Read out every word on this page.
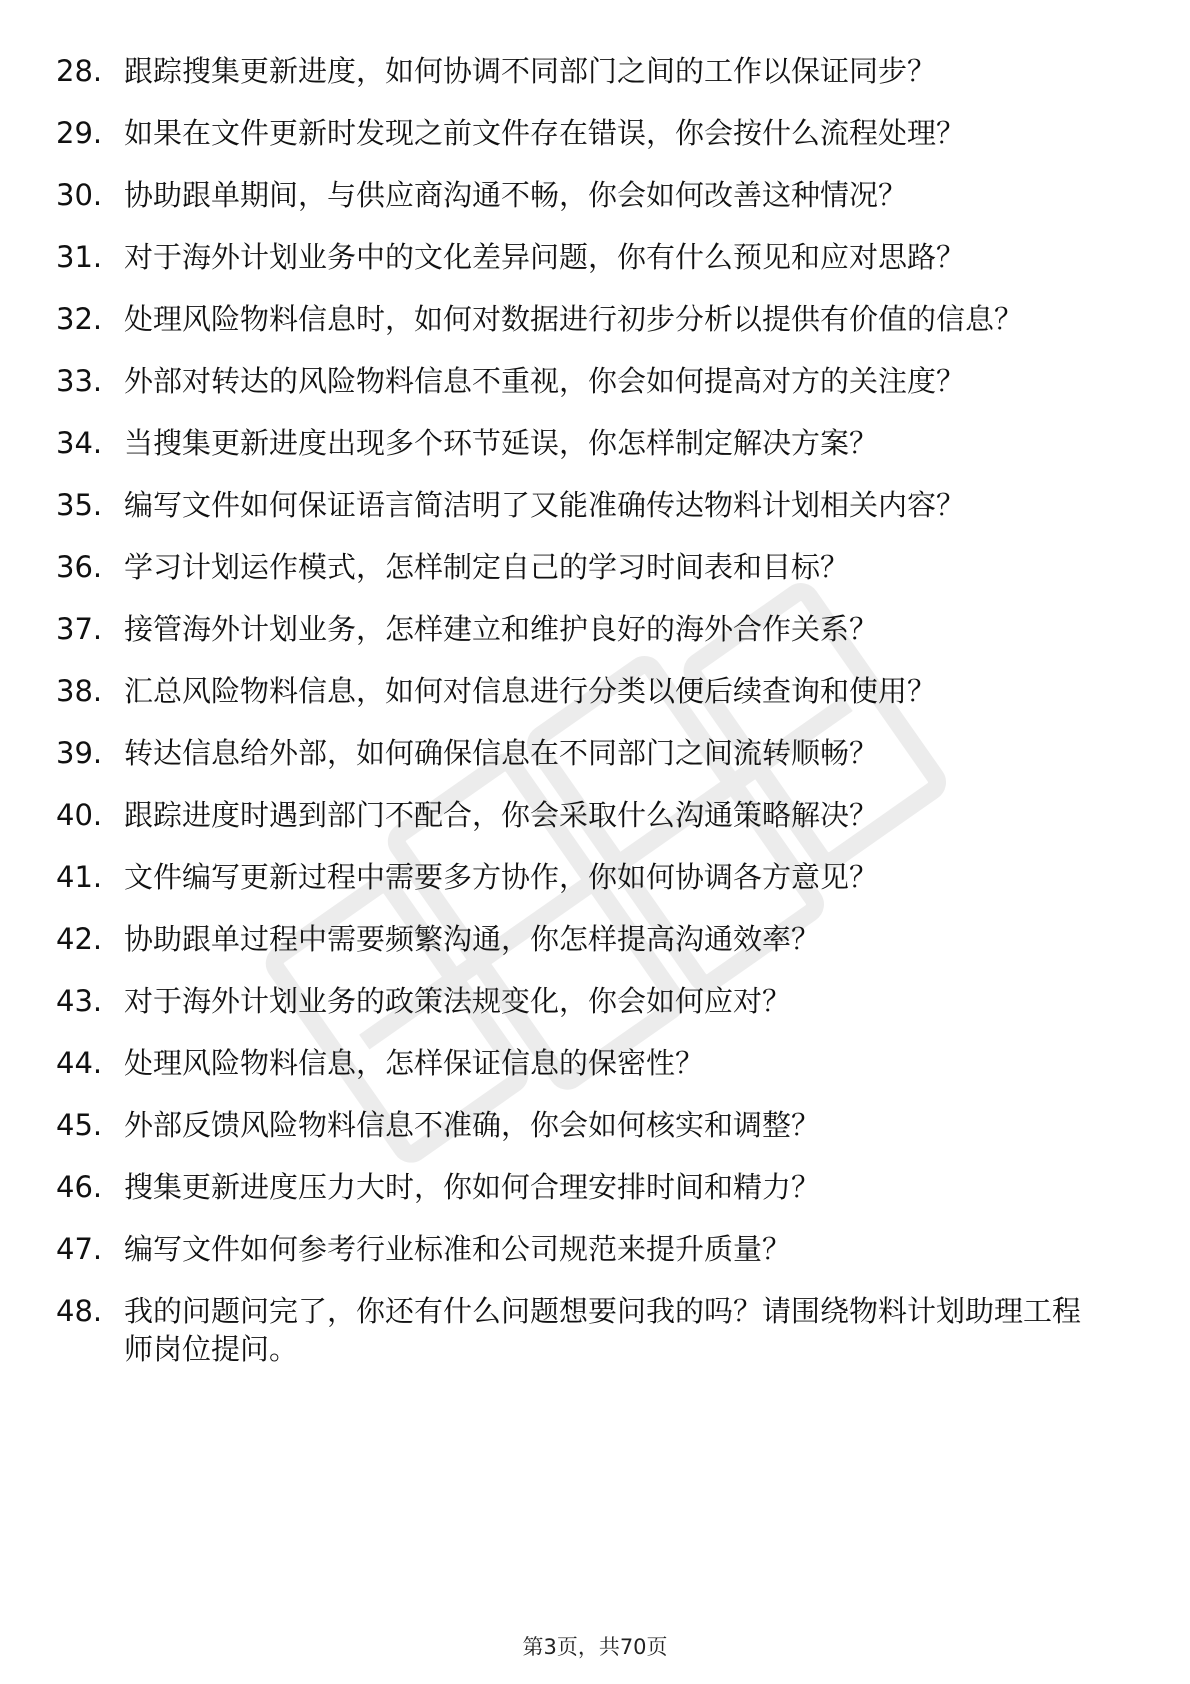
28. 跟踪搜集更新进度，如何协调不同部门之间的工作以保证同步？
29. 如果在文件更新时发现之前文件存在错误，你会按什么流程处理？
30. 协助跟单期间，与供应商沟通不畅，你会如何改善这种情况？
31. 对于海外计划业务中的文化差异问题，你有什么预见和应对思路？
32. 处理风险物料信息时，如何对数据进行初步分析以提供有价值的信息？
33. 外部对转达的风险物料信息不重视，你会如何提高对方的关注度？
34. 当搜集更新进度出现多个环节延误，你怎样制定解决方案？
35. 编写文件如何保证语言简洁明了又能准确传达物料计划相关内容？
36. 学习计划运作模式，怎样制定自己的学习时间表和目标？
37. 接管海外计划业务，怎样建立和维护良好的海外合作关系？
38. 汇总风险物料信息，如何对信息进行分类以便后续查询和使用？
39. 转达信息给外部，如何确保信息在不同部门之间流转顺畅？
40. 跟踪进度时遇到部门不配合，你会采取什么沟通策略解决？
41. 文件编写更新过程中需要多方协作，你如何协调各方意见？
42. 协助跟单过程中需要频繁沟通，你怎样提高沟通效率？
43. 对于海外计划业务的政策法规变化，你会如何应对？
44. 处理风险物料信息，怎样保证信息的保密性？
45. 外部反馈风险物料信息不准确，你会如何核实和调整？
46. 搜集更新进度压力大时，你如何合理安排时间和精力？
47. 编写文件如何参考行业标准和公司规范来提升质量？
48. 我的问题问完了，你还有什么问题想要问我的吗？请围绕物料计划助理工程师岗位提问。
第3页，共70页
